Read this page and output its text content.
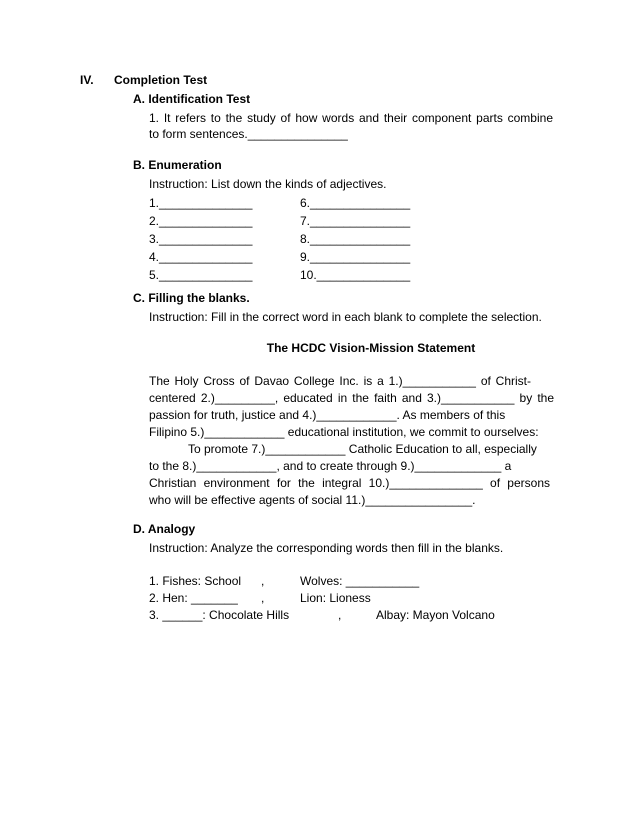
IV. Completion Test
A. Identification Test
1. It refers to the study of how words and their component parts combine
to form sentences._______________
B. Enumeration
Instruction: List down the kinds of adjectives.
1.______________
2.______________
3.______________
4.______________
5.______________
6._______________
7._______________
8._______________
9._______________
10.______________
C. Filling the blanks.
Instruction: Fill in the correct word in each blank to complete the selection.
The HCDC Vision-Mission Statement
The Holy Cross of Davao College Inc. is a 1.)___________ of Christ-
centered 2.)_________, educated in the faith and 3.)___________ by the
passion for truth, justice and 4.)____________. As members of this
Filipino 5.)____________ educational institution, we commit to ourselves:
To promote 7.)____________ Catholic Education to all, especially
to the 8.)____________, and to create through 9.)_____________ a
Christian environment for the integral 10.)______________ of persons
who will be effective agents of social 11.)________________.
D. Analogy
Instruction: Analyze the corresponding words then fill in the blanks.
1. Fishes: School ,	Wolves: ___________
2. Hen: _______ ,	Lion: Lioness
3. ______: Chocolate Hills	,	Albay: Mayon Volcano
